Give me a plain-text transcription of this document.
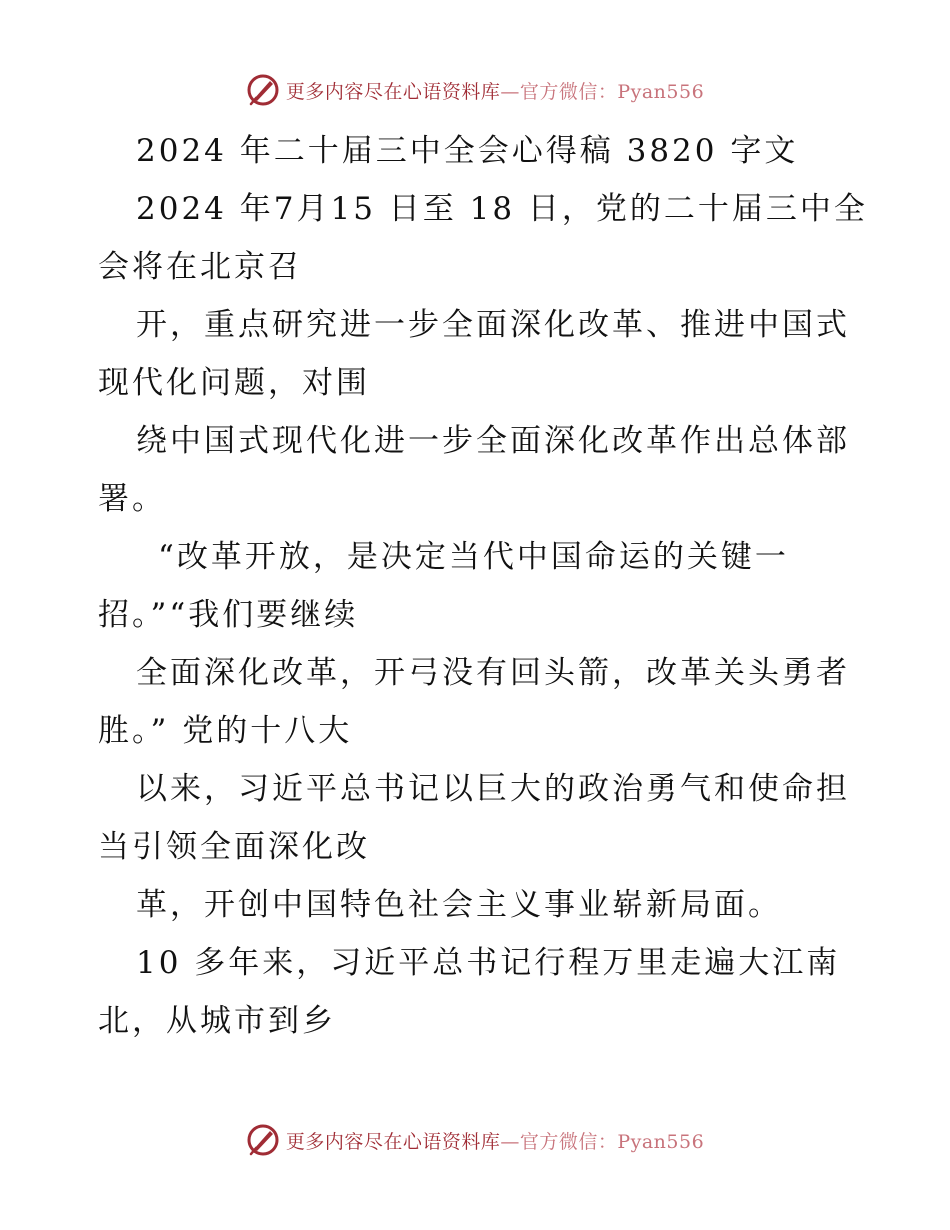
更多内容尽在心语资料库—官方微信：Pyan556
2024 年二十届三中全会心得稿 3820 字文
2024 年7月15 日至 18 日，党的二十届三中全
会将在北京召
开，重点研究进一步全面深化改革、推进中国式
现代化问题，对围
绕中国式现代化进一步全面深化改革作出总体部
署。
“改革开放，是决定当代中国命运的关键一
招。”“我们要继续
全面深化改革，开弓没有回头箭，改革关头勇者
胜。” 党的十八大
以来，习近平总书记以巨大的政治勇气和使命担
当引领全面深化改
革，开创中国特色社会主义事业崭新局面。
10 多年来，习近平总书记行程万里走遍大江南
北，从城市到乡
更多内容尽在心语资料库—官方微信：Pyan556
